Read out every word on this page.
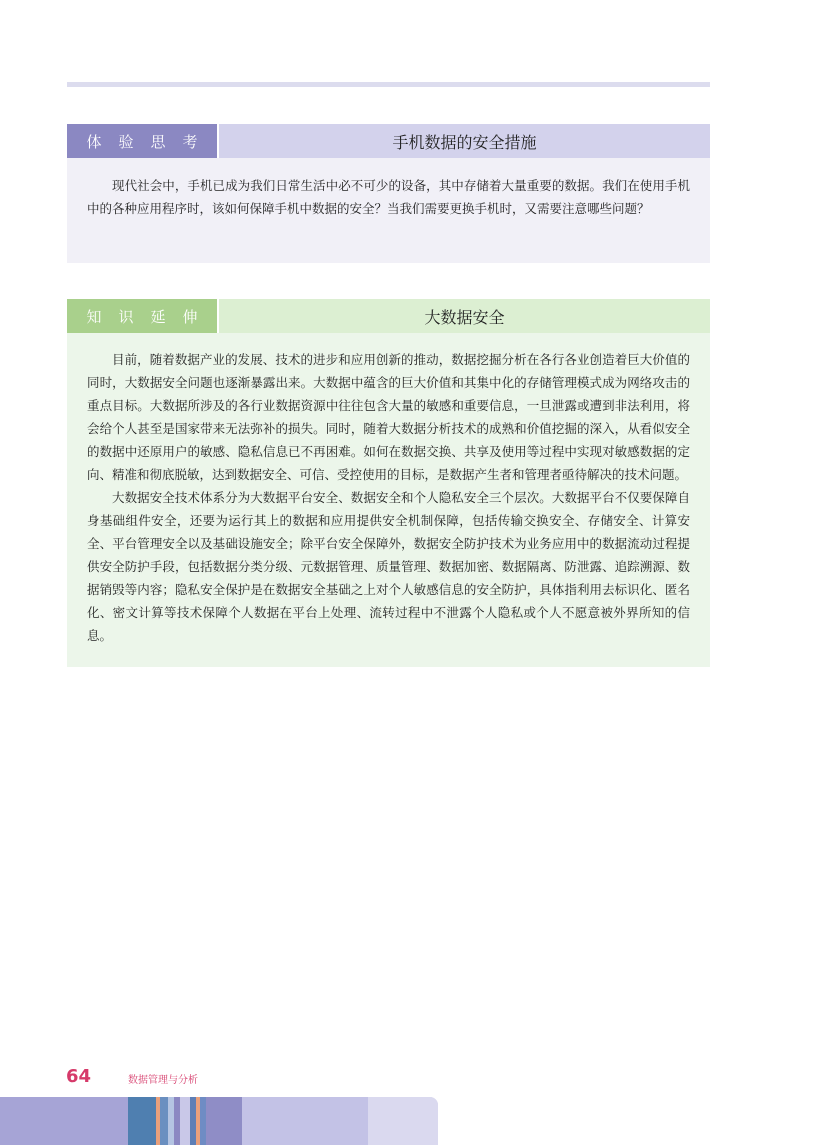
体验思考	手机数据的安全措施

现代社会中，手机已成为我们日常生活中必不可少的设备，其中存储着大量重要的数据。我们在使用手机中的各种应用程序时，该如何保障手机中数据的安全？当我们需要更换手机时，又需要注意哪些问题？

知识延伸	大数据安全

目前，随着数据产业的发展、技术的进步和应用创新的推动，数据挖掘分析在各行各业创造着巨大价值的同时，大数据安全问题也逐渐暴露出来。大数据中蕴含的巨大价值和其集中化的存储管理模式成为网络攻击的重点目标。大数据所涉及的各行业数据资源中往往包含大量的敏感和重要信息，一旦泄露或遭到非法利用，将会给个人甚至是国家带来无法弥补的损失。同时，随着大数据分析技术的成熟和价值挖掘的深入，从看似安全的数据中还原用户的敏感、隐私信息已不再困难。如何在数据交换、共享及使用等过程中实现对敏感数据的定向、精准和彻底脱敏，达到数据安全、可信、受控使用的目标，是数据产生者和管理者亟待解决的技术问题。

大数据安全技术体系分为大数据平台安全、数据安全和个人隐私安全三个层次。大数据平台不仅要保障自身基础组件安全，还要为运行其上的数据和应用提供安全机制保障，包括传输交换安全、存储安全、计算安全、平台管理安全以及基础设施安全；除平台安全保障外，数据安全防护技术为业务应用中的数据流动过程提供安全防护手段，包括数据分类分级、元数据管理、质量管理、数据加密、数据隔离、防泄露、追踪溯源、数据销毁等内容；隐私安全保护是在数据安全基础之上对个人敏感信息的安全防护，具体指利用去标识化、匿名化、密文计算等技术保障个人数据在平台上处理、流转过程中不泄露个人隐私或个人不愿意被外界所知的信息。

64	数据管理与分析
